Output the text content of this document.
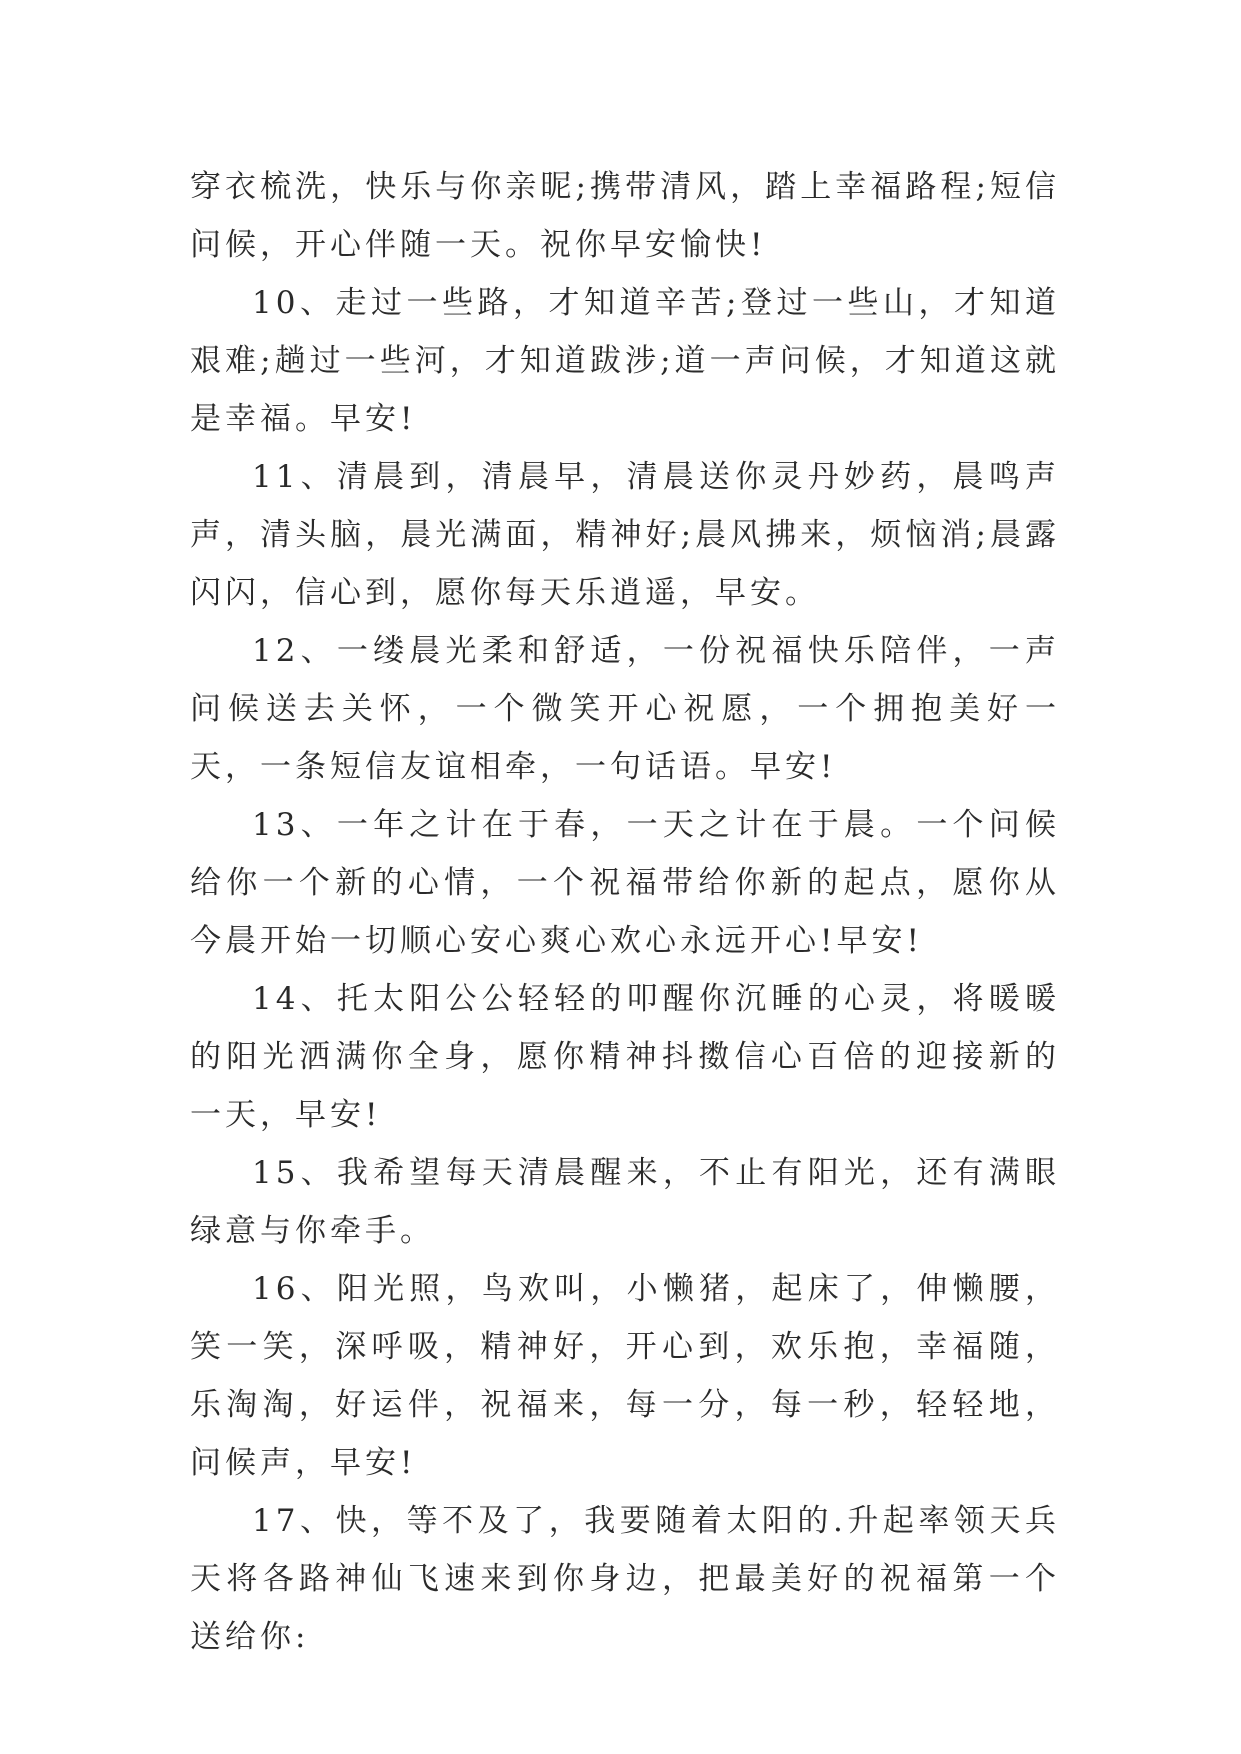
穿衣梳洗，快乐与你亲昵;携带清风，踏上幸福路程;短信问候，开心伴随一天。祝你早安愉快!

10、走过一些路，才知道辛苦;登过一些山，才知道艰难;趟过一些河，才知道跋涉;道一声问候，才知道这就是幸福。早安!

11、清晨到，清晨早，清晨送你灵丹妙药，晨鸣声声，清头脑，晨光满面，精神好;晨风拂来，烦恼消;晨露闪闪，信心到，愿你每天乐逍遥，早安。

12、一缕晨光柔和舒适，一份祝福快乐陪伴，一声问候送去关怀，一个微笑开心祝愿，一个拥抱美好一天，一条短信友谊相牵，一句话语。早安!

13、一年之计在于春，一天之计在于晨。一个问候给你一个新的心情，一个祝福带给你新的起点，愿你从今晨开始一切顺心安心爽心欢心永远开心!早安!

14、托太阳公公轻轻的叩醒你沉睡的心灵，将暖暖的阳光洒满你全身，愿你精神抖擞信心百倍的迎接新的一天，早安!

15、我希望每天清晨醒来，不止有阳光，还有满眼绿意与你牵手。

16、阳光照，鸟欢叫，小懒猪，起床了，伸懒腰，笑一笑，深呼吸，精神好，开心到，欢乐抱，幸福随，乐淘淘，好运伴，祝福来，每一分，每一秒，轻轻地，问候声，早安!

17、快，等不及了，我要随着太阳的.升起率领天兵天将各路神仙飞速来到你身边，把最美好的祝福第一个送给你:
